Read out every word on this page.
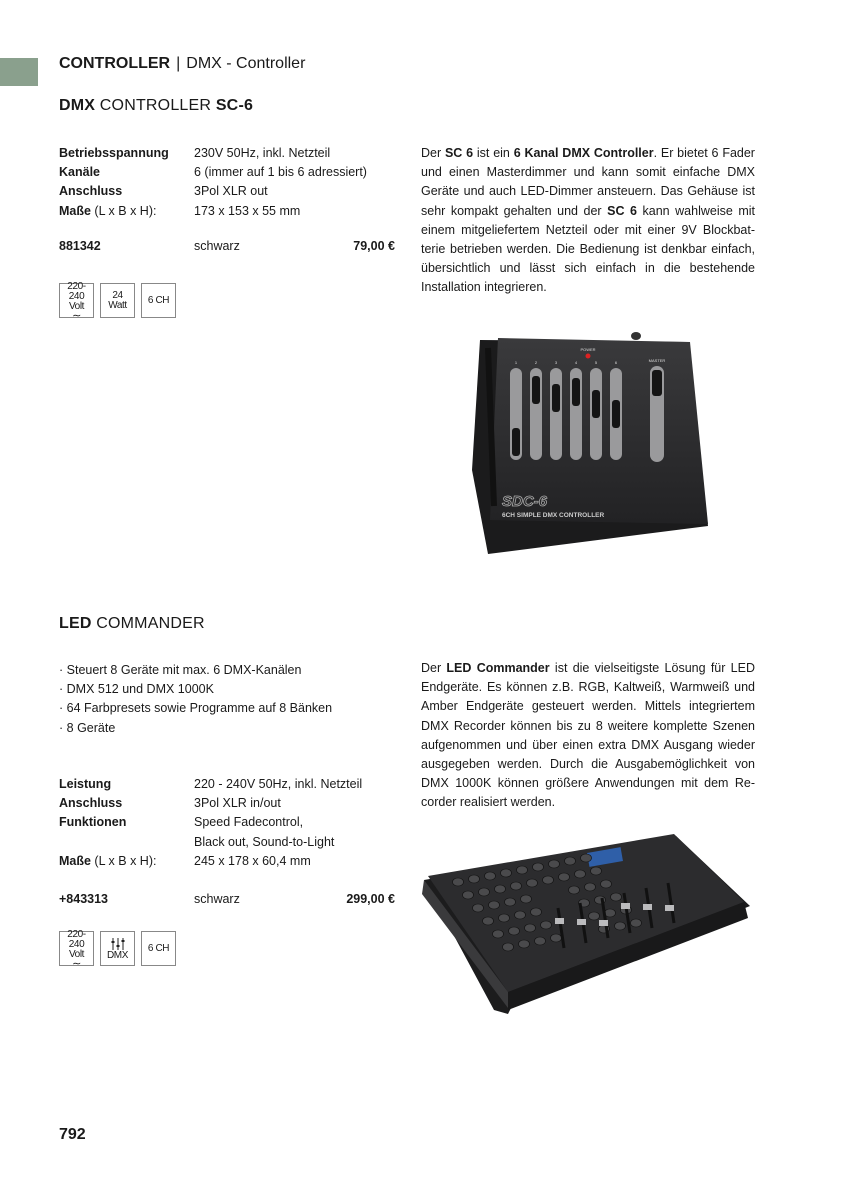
CONTROLLER | DMX - Controller
DMX CONTROLLER SC-6
Betriebsspannung	230V 50Hz, inkl. Netzteil
Kanäle	6 (immer auf 1 bis 6 adressiert)
Anschluss	3Pol XLR out
Maße (L x B x H):	173 x 153 x 55 mm
881342	schwarz	79,00 €
220-240
Volt
∼
24
Watt 6 CH
Der SC 6 ist ein 6 Kanal DMX Controller. Er bietet 6 Fader und einen Masterdimmer und kann somit einfache DMX Geräte und auch LED-Dimmer ansteuern. Das Gehäuse ist sehr kompakt gehalten und der SC 6 kann wahlweise mit einem mitgeliefertem Netzteil oder mit einer 9V Blockbat-terie betrieben werden. Die Bedienung ist denkbar einfach, übersichtlich und lässt sich einfach in die bestehende Installation integrieren.
POWER
MASTER
1	2	3	4	5	6
SDC-6
6CH SIMPLE DMX CONTROLLER
LED COMMANDER
· Steuert 8 Geräte mit max. 6 DMX-Kanälen
· DMX 512 und DMX 1000K
· 64 Farbpresets sowie Programme auf 8 Bänken
· 8 Geräte
Leistung	220 - 240V 50Hz, inkl. Netzteil
Anschluss	3Pol XLR in/out
Funktionen	Speed Fadecontrol,
Black out, Sound-to-Light
Maße (L x B x H):	245 x 178 x 60,4 mm
+843313	schwarz	299,00 €
220-240
Volt
∼
DMX
6 CH
Der LED Commander ist die vielseitigste Lösung für LED Endgeräte. Es können z.B. RGB, Kaltweiß, Warmweiß und Amber Endgeräte gesteuert werden. Mittels integriertem DMX Recorder können bis zu 8 weitere komplette Szenen aufgenommen und über einen extra DMX Ausgang wieder ausgegeben werden. Durch die Ausgabemöglichkeit von DMX 1000K können größere Anwendungen mit dem Re-corder realisiert werden.
792
